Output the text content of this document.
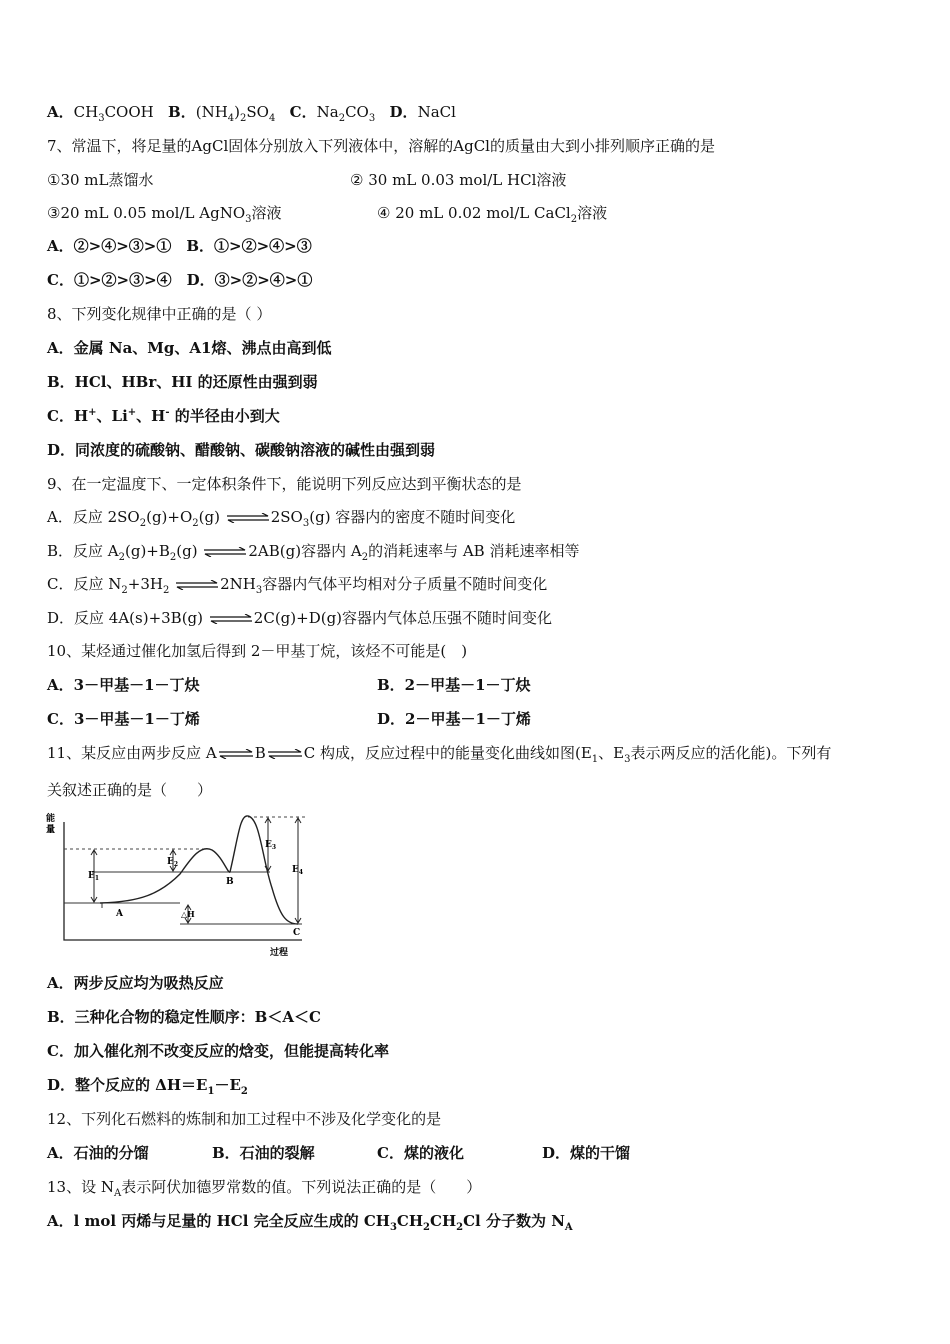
A．$CH_3COOH$ B．$(NH_4)_2SO_4$ C．$Na_2CO_3$ D．NaCl
7、常温下，将足量的AgCl固体分别放入下列液体中，溶解的AgCl的质量由大到小排列顺序正确的是
①30 mL蒸馏水	② 30 mL 0.03 mol/L HCl溶液
③20 mL 0.05 mol/L AgNO$_3$溶液	④ 20 mL 0.02 mol/L CaCl$_2$溶液
A．②>④>③>①　B．①>②>④>③
C．①>②>③>④　D．③>②>④>①
8、下列变化规律中正确的是（ ）
A．金属 Na、Mg、A1熔、沸点由高到低
B．HCl、HBr、HI 的还原性由强到弱
C．H+、Li+、H- 的半径由小到大
D．同浓度的硫酸钠、醋酸钠、碳酸钠溶液的碱性由强到弱
9、在一定温度下、一定体积条件下，能说明下列反应达到平衡状态的是
A．反应 $2SO_2(g)+O_2(g)$ $\rightleftharpoons 2SO_3(g)$ 容器内的密度不随时间变化
B．反应 $A_2(g)+B_2(g)$ ⇌2AB(g)容器内 $A_2$的消耗速率与 AB 消耗速率相等
C．反应 $N_2+3H_2$ $\rightleftharpoons 2NH_3$容器内气体平均相对分子质量不随时间变化
D．反应 4A(s)+3B(g) ⇌2C(g)+D(g)容器内气体总压强不随时间变化
10、某烃通过催化加氢后得到 2－甲基丁烷，该烃不可能是(　)
A．3－甲基－1－丁炔	B．2－甲基－1－丁炔
C．3－甲基－1－丁烯	D．2－甲基－1－丁烯
11、某反应由两步反应 A⇌B⇌C 构成，反应过程中的能量变化曲线如图($E_1$、$E_3$表示两反应的活化能)。下列有
关叙述正确的是（　　）
能
量
过程
$E_1$
$E_2$
$E_3$
$E_4$
△H
A
B
C
A．两步反应均为吸热反应
B．三种化合物的稳定性顺序：B＜A＜C
C．加入催化剂不改变反应的焓变，但能提高转化率
D．整个反应的 $\Delta H=E_1-E_2$
12、下列化石燃料的炼制和加工过程中不涉及化学变化的是
A．石油的分馏	B．石油的裂解	C．煤的液化	D．煤的干馏
13、设 $N_A$表示阿伏加德罗常数的值。下列说法正确的是（　　）
A．l mol 丙烯与足量的 HCl 完全反应生成的 $CH_3CH_2CH_2Cl$ 分子数为 $N_A$
